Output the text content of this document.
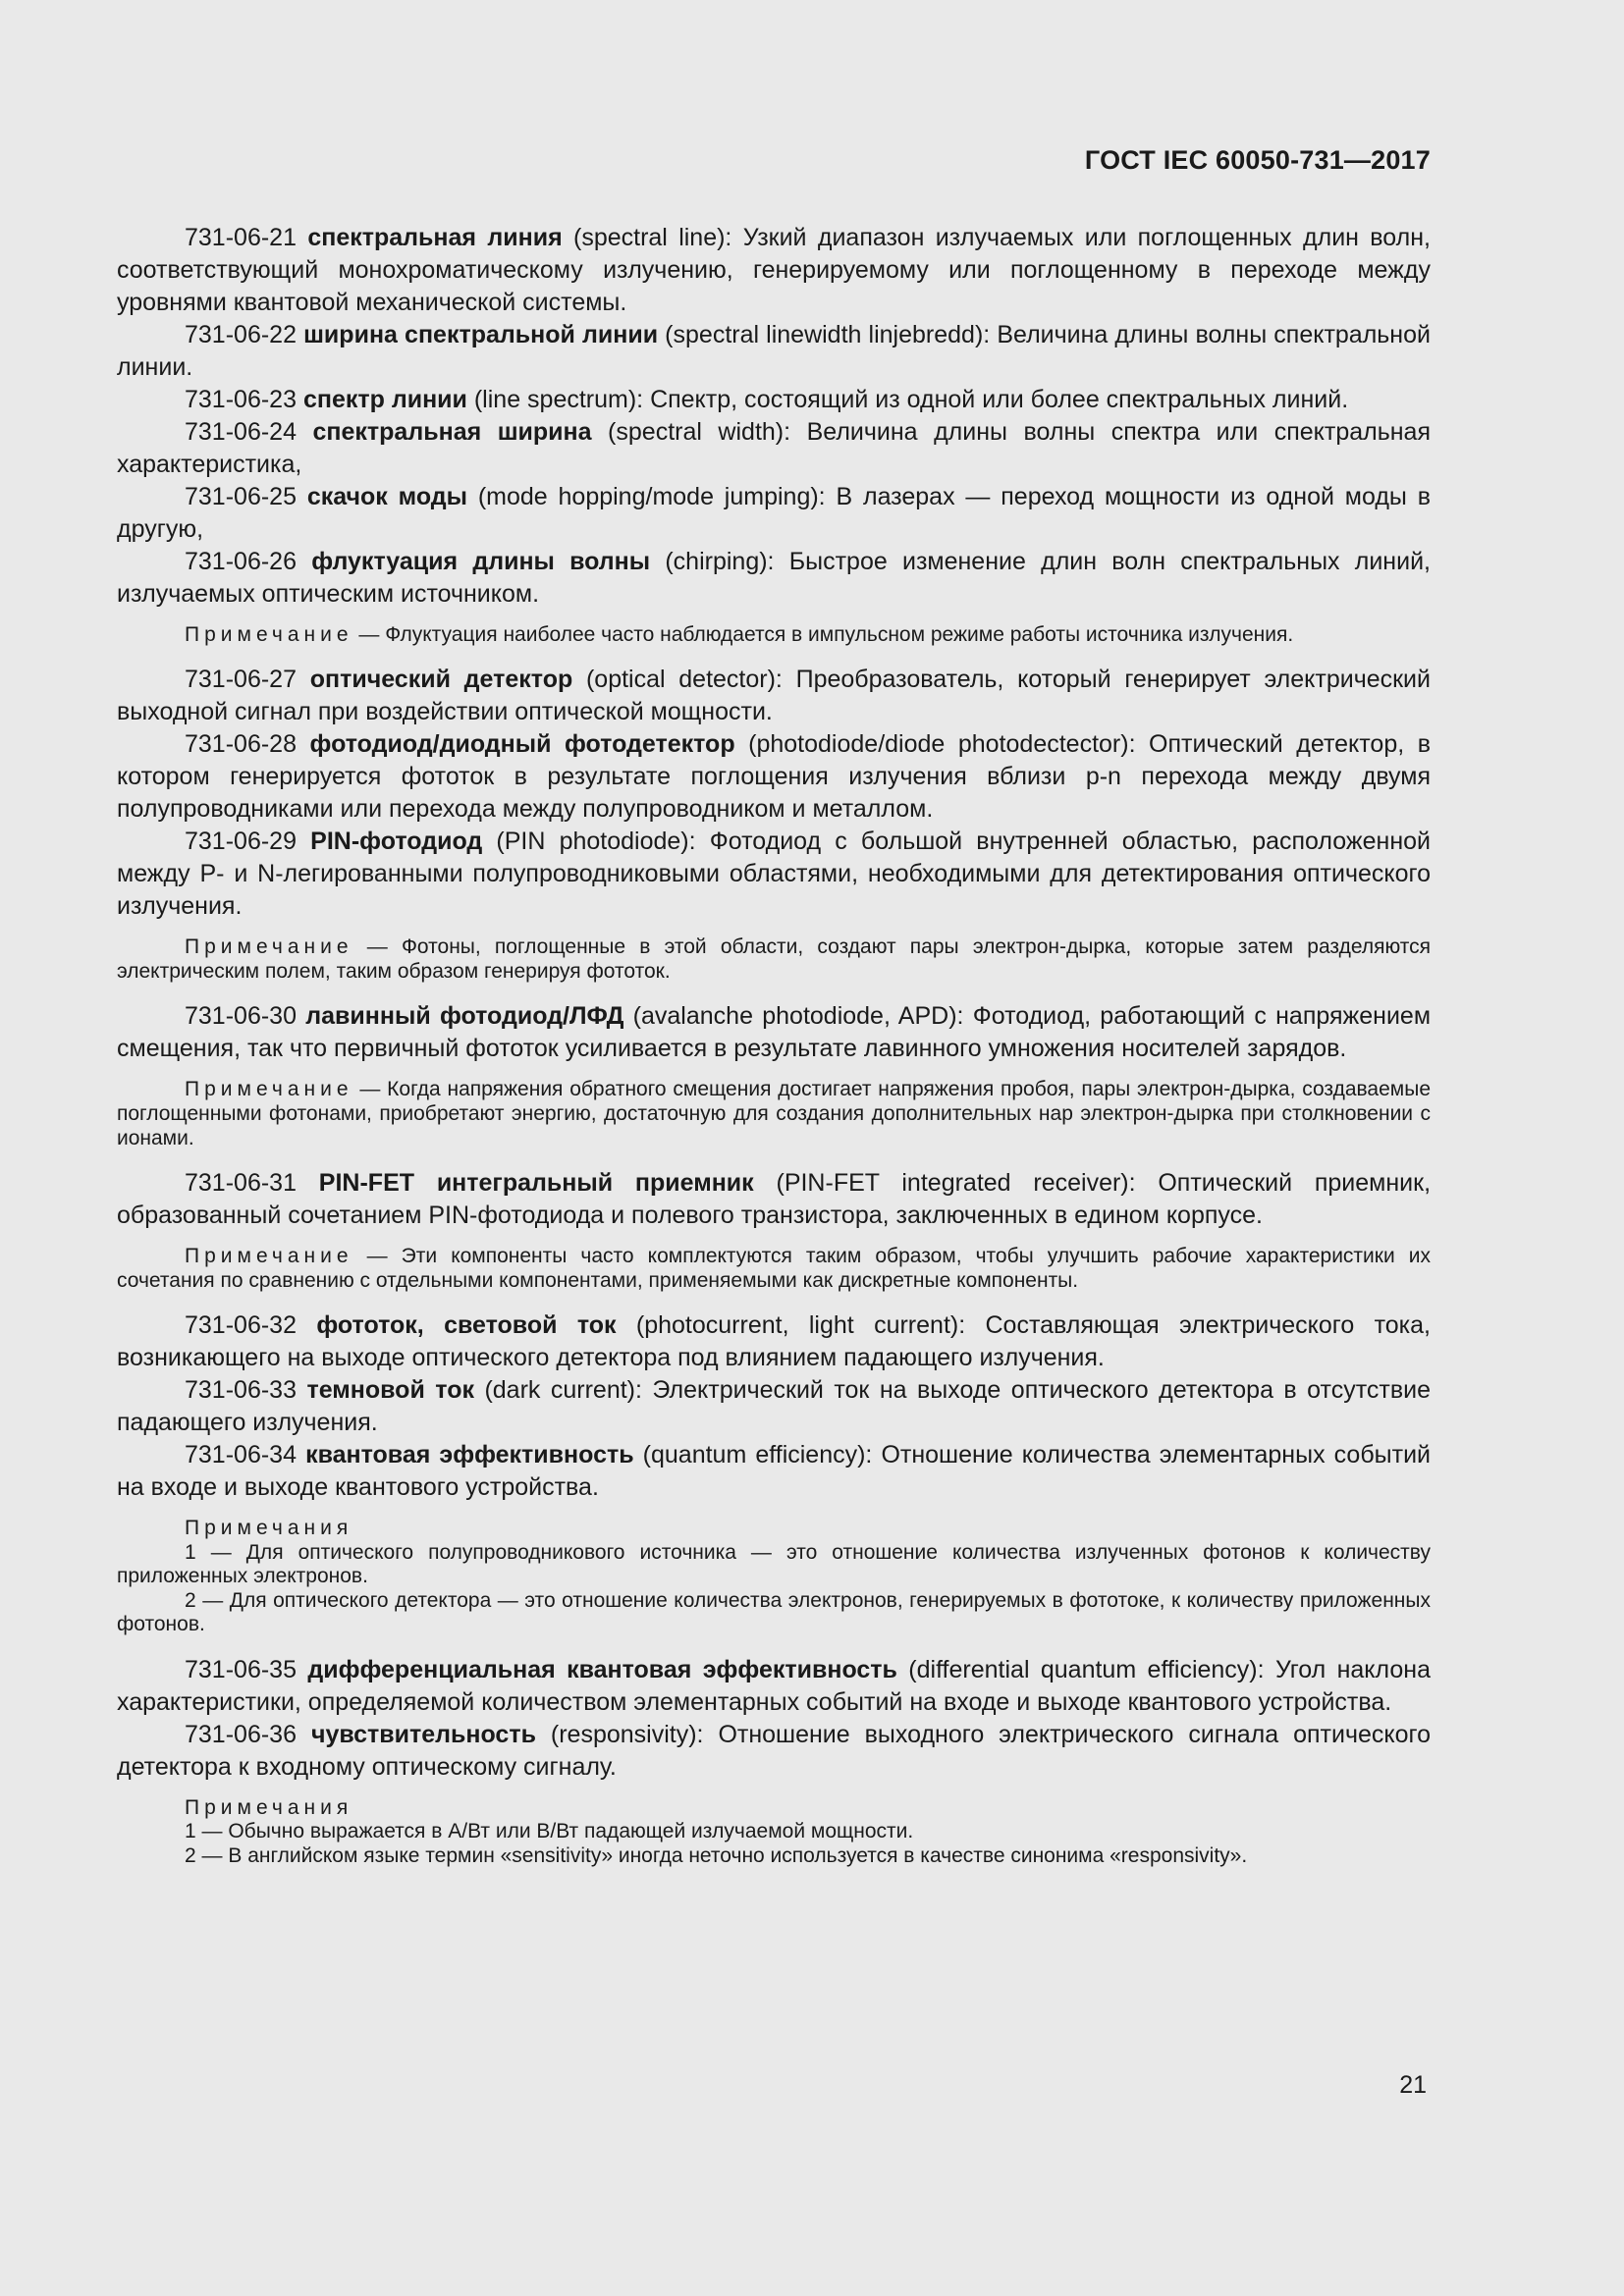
ГОСТ IEC 60050-731—2017

731-06-21 спектральная линия (spectral line): Узкий диапазон излучаемых или поглощенных длин волн, соответствующий монохроматическому излучению, генерируемому или поглощенному в переходе между уровнями квантовой механической системы.

731-06-22 ширина спектральной линии (spectral linewidth linjebredd): Величина длины волны спектральной линии.

731-06-23 спектр линии (line spectrum): Спектр, состоящий из одной или более спектральных линий.

731-06-24 спектральная ширина (spectral width): Величина длины волны спектра или спектральная характеристика,

731-06-25 скачок моды (mode hopping/mode jumping): В лазерах — переход мощности из одной моды в другую,

731-06-26 флуктуация длины волны (chirping): Быстрое изменение длин волн спектральных линий, излучаемых оптическим источником.

Примечание — Флуктуация наиболее часто наблюдается в импульсном режиме работы источника излучения.

731-06-27 оптический детектор (optical detector): Преобразователь, который генерирует электрический выходной сигнал при воздействии оптической мощности.

731-06-28 фотодиод/диодный фотодетектор (photodiode/diode photodectector): Оптический детектор, в котором генерируется фототок в результате поглощения излучения вблизи p-n перехода между двумя полупроводниками или перехода между полупроводником и металлом.

731-06-29 PIN-фотодиод (PIN photodiode): Фотодиод с большой внутренней областью, расположенной между P- и N-легированными полупроводниковыми областями, необходимыми для детектирования оптического излучения.

Примечание — Фотоны, поглощенные в этой области, создают пары электрон-дырка, которые затем разделяются электрическим полем, таким образом генерируя фототок.

731-06-30 лавинный фотодиод/ЛФД (avalanche photodiode, APD): Фотодиод, работающий с напряжением смещения, так что первичный фототок усиливается в результате лавинного умножения носителей зарядов.

Примечание — Когда напряжения обратного смещения достигает напряжения пробоя, пары электрон-дырка, создаваемые поглощенными фотонами, приобретают энергию, достаточную для создания дополнительных нар электрон-дырка при столкновении с ионами.

731-06-31 PIN-FET интегральный приемник (PIN-FET integrated receiver): Оптический приемник, образованный сочетанием PIN-фотодиода и полевого транзистора, заключенных в едином корпусе.

Примечание — Эти компоненты часто комплектуются таким образом, чтобы улучшить рабочие характеристики их сочетания по сравнению с отдельными компонентами, применяемыми как дискретные компоненты.

731-06-32 фототок, световой ток (photocurrent, light current): Составляющая электрического тока, возникающего на выходе оптического детектора под влиянием падающего излучения.

731-06-33 темновой ток (dark current): Электрический ток на выходе оптического детектора в отсутствие падающего излучения.

731-06-34 квантовая эффективность (quantum efficiency): Отношение количества элементарных событий на входе и выходе квантового устройства.

Примечания

1 — Для оптического полупроводникового источника — это отношение количества излученных фотонов к количеству приложенных электронов.

2 — Для оптического детектора — это отношение количества электронов, генерируемых в фототоке, к количеству приложенных фотонов.

731-06-35 дифференциальная квантовая эффективность (differential quantum efficiency): Угол наклона характеристики, определяемой количеством элементарных событий на входе и выходе квантового устройства.

731-06-36 чувствительность (responsivity): Отношение выходного электрического сигнала оптического детектора к входному оптическому сигналу.

Примечания

1 — Обычно выражается в А/Вт или В/Вт падающей излучаемой мощности.

2 — В английском языке термин «sensitivity» иногда неточно используется в качестве синонима «responsivity».

21
